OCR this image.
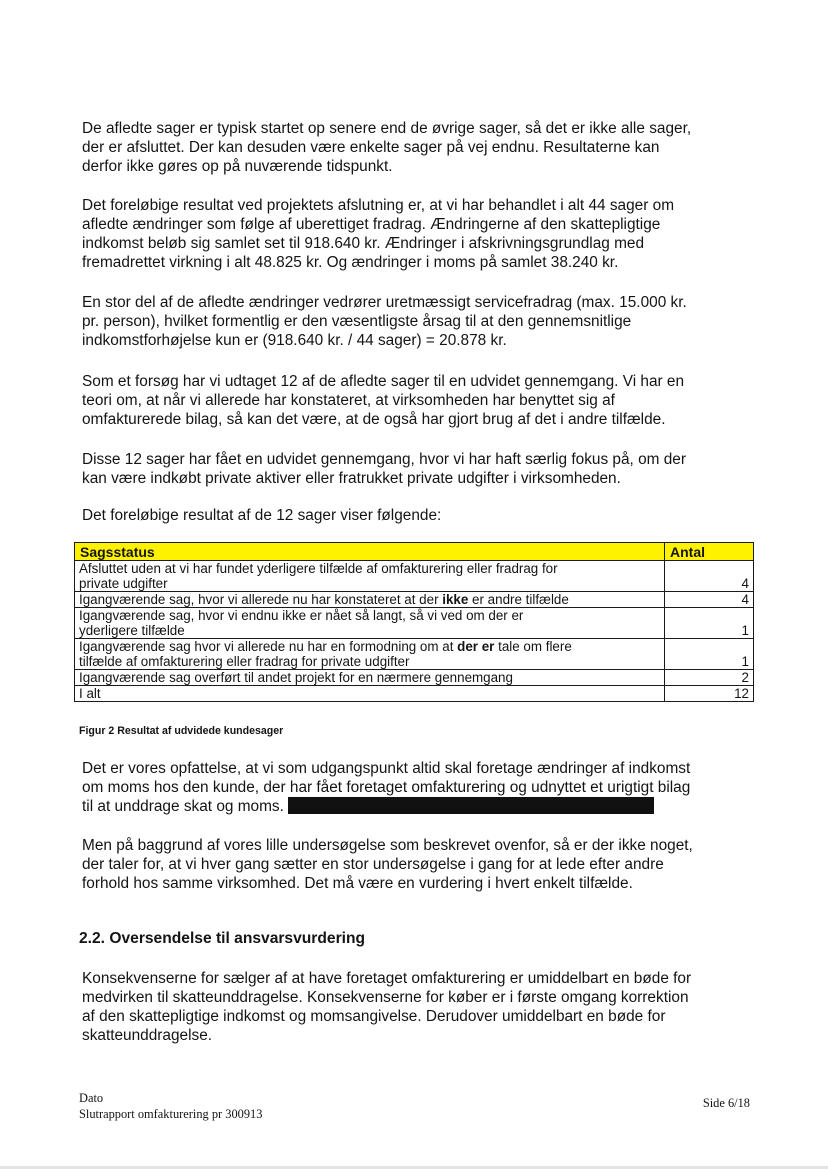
De afledte sager er typisk startet op senere end de øvrige sager, så det er ikke alle sager,
der er afsluttet. Der kan desuden være enkelte sager på vej endnu. Resultaterne kan
derfor ikke gøres op på nuværende tidspunkt.
Det foreløbige resultat ved projektets afslutning er, at vi har behandlet i alt 44 sager om
afledte ændringer som følge af uberettiget fradrag. Ændringerne af den skattepligtige
indkomst beløb sig samlet set til 918.640 kr. Ændringer i afskrivningsgrundlag med
fremadrettet virkning i alt 48.825 kr. Og ændringer i moms på samlet 38.240 kr.
En stor del af de afledte ændringer vedrører uretmæssigt servicefradrag (max. 15.000 kr.
pr. person), hvilket formentlig er den væsentligste årsag til at den gennemsnitlige
indkomstforhøjelse kun er (918.640 kr. / 44 sager) = 20.878 kr.
Som et forsøg har vi udtaget 12 af de afledte sager til en udvidet gennemgang. Vi har en
teori om, at når vi allerede har konstateret, at virksomheden har benyttet sig af
omfakturerede bilag, så kan det være, at de også har gjort brug af det i andre tilfælde.
Disse 12 sager har fået en udvidet gennemgang, hvor vi har haft særlig fokus på, om der
kan være indkøbt private aktiver eller fratrukket private udgifter i virksomheden.
Det foreløbige resultat af de 12 sager viser følgende:
Sagsstatus	Antal

Afsluttet uden at vi har fundet yderligere tilfælde af omfakturering eller fradrag for
private udgifter	4

Igangværende sag, hvor vi allerede nu har konstateret at der ikke er andre tilfælde	4

Igangværende sag, hvor vi endnu ikke er nået så langt, så vi ved om der er
yderligere tilfælde	1

Igangværende sag hvor vi allerede nu har en formodning om at der er tale om flere
tilfælde af omfakturering eller fradrag for private udgifter	1

Igangværende sag overført til andet projekt for en nærmere gennemgang	2

I alt	12
Figur 2 Resultat af udvidede kundesager
Det er vores opfattelse, at vi som udgangspunkt altid skal foretage ændringer af indkomst
om moms hos den kunde, der har fået foretaget omfakturering og udnyttet et urigtigt bilag
til at unddrage skat og moms.
Men på baggrund af vores lille undersøgelse som beskrevet ovenfor, så er der ikke noget,
der taler for, at vi hver gang sætter en stor undersøgelse i gang for at lede efter andre
forhold hos samme virksomhed. Det må være en vurdering i hvert enkelt tilfælde.
2.2. Oversendelse til ansvarsvurdering
Konsekvenserne for sælger af at have foretaget omfakturering er umiddelbart en bøde for
medvirken til skatteunddragelse. Konsekvenserne for køber er i første omgang korrektion
af den skattepligtige indkomst og momsangivelse. Derudover umiddelbart en bøde for
skatteunddragelse.
Dato
Slutrapport omfakturering pr 300913
Side 6/18
